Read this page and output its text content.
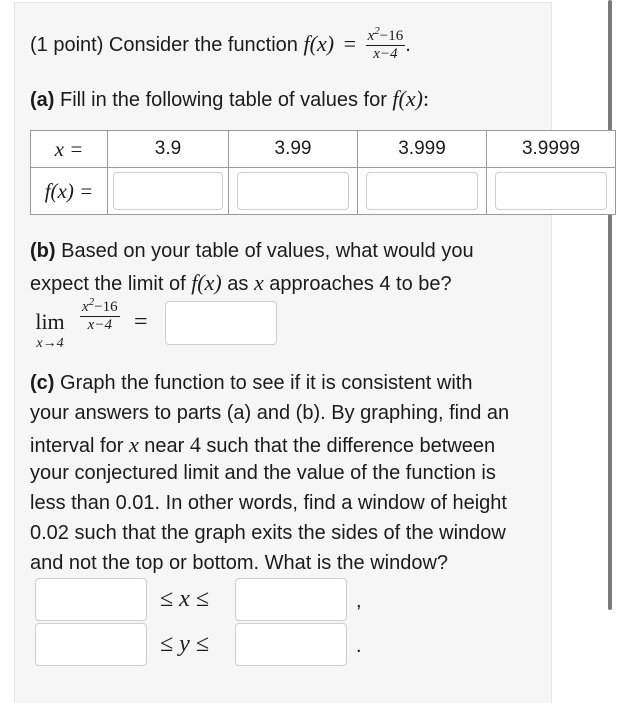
(1 point) Consider the function $f(x) = \frac{x^2-16}{x-4}$ .
(a) Fill in the following table of values for f(x):
x =	3.9	3.99	3.999	3.9999
f(x) =	

(b) Based on your table of values, what would you
expect the limit of f(x) as x approaches 4 to be?
lim
x→4
$\frac{x^2-16}{x-4}$ =
(c) Graph the function to see if it is consistent with
your answers to parts (a) and (b). By graphing, find an
interval for x near 4 such that the difference between
your conjectured limit and the value of the function is
less than 0.01. In other words, find a window of height
0.02 such that the graph exits the sides of the window
and not the top or bottom. What is the window?
≤ x ≤	,
≤ y ≤	.
